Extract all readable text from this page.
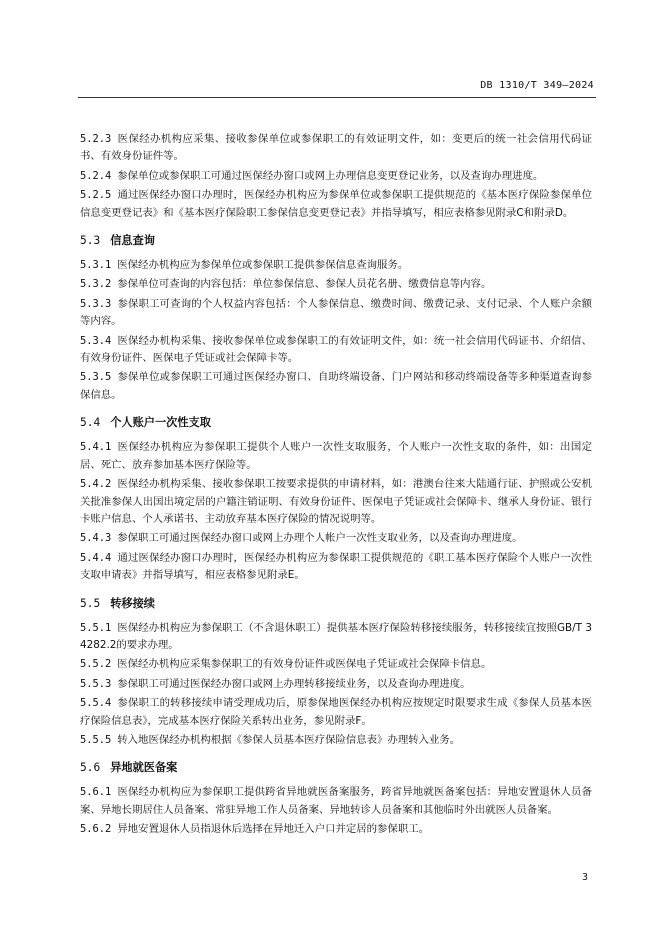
DB 1310/T 349—2024
5.2.3 医保经办机构应采集、接收参保单位或参保职工的有效证明文件，如：变更后的统一社会信用代码证书、有效身份证件等。
5.2.4 参保单位或参保职工可通过医保经办窗口或网上办理信息变更登记业务，以及查询办理进度。
5.2.5 通过医保经办窗口办理时，医保经办机构应为参保单位或参保职工提供规范的《基本医疗保险参保单位信息变更登记表》和《基本医疗保险职工参保信息变更登记表》并指导填写，相应表格参见附录C和附录D。
5.3 信息查询
5.3.1 医保经办机构应为参保单位或参保职工提供参保信息查询服务。
5.3.2 参保单位可查询的内容包括：单位参保信息、参保人员花名册、缴费信息等内容。
5.3.3 参保职工可查询的个人权益内容包括：个人参保信息、缴费时间、缴费记录、支付记录、个人账户余额等内容。
5.3.4 医保经办机构采集、接收参保单位或参保职工的有效证明文件，如：统一社会信用代码证书、介绍信、有效身份证件、医保电子凭证或社会保障卡等。
5.3.5 参保单位或参保职工可通过医保经办窗口、自助终端设备、门户网站和移动终端设备等多种渠道查询参保信息。
5.4 个人账户一次性支取
5.4.1 医保经办机构应为参保职工提供个人账户一次性支取服务，个人账户一次性支取的条件，如：出国定居、死亡、放弃参加基本医疗保险等。
5.4.2 医保经办机构采集、接收参保职工按要求提供的申请材料，如：港澳台往来大陆通行证、护照或公安机关批准参保人出国出境定居的户籍注销证明、有效身份证件、医保电子凭证或社会保障卡、继承人身份证、银行卡账户信息、个人承诺书、主动放弃基本医疗保险的情况说明等。
5.4.3 参保职工可通过医保经办窗口或网上办理个人帐户一次性支取业务，以及查询办理进度。
5.4.4 通过医保经办窗口办理时，医保经办机构应为参保职工提供规范的《职工基本医疗保险个人账户一次性支取申请表》并指导填写，相应表格参见附录E。
5.5 转移接续
5.5.1 医保经办机构应为参保职工（不含退休职工）提供基本医疗保险转移接续服务，转移接续宜按照GB/T 34282.2的要求办理。
5.5.2 医保经办机构应采集参保职工的有效身份证件或医保电子凭证或社会保障卡信息。
5.5.3 参保职工可通过医保经办窗口或网上办理转移接续业务，以及查询办理进度。
5.5.4 参保职工的转移接续申请受理成功后，原参保地医保经办机构应按规定时限要求生成《参保人员基本医疗保险信息表》，完成基本医疗保险关系转出业务，参见附录F。
5.5.5 转入地医保经办机构根据《参保人员基本医疗保险信息表》办理转入业务。
5.6 异地就医备案
5.6.1 医保经办机构应为参保职工提供跨省异地就医备案服务，跨省异地就医备案包括：异地安置退休人员备案、异地长期居住人员备案、常驻异地工作人员备案、异地转诊人员备案和其他临时外出就医人员备案。
5.6.2 异地安置退休人员指退休后选择在异地迁入户口并定居的参保职工。
3
